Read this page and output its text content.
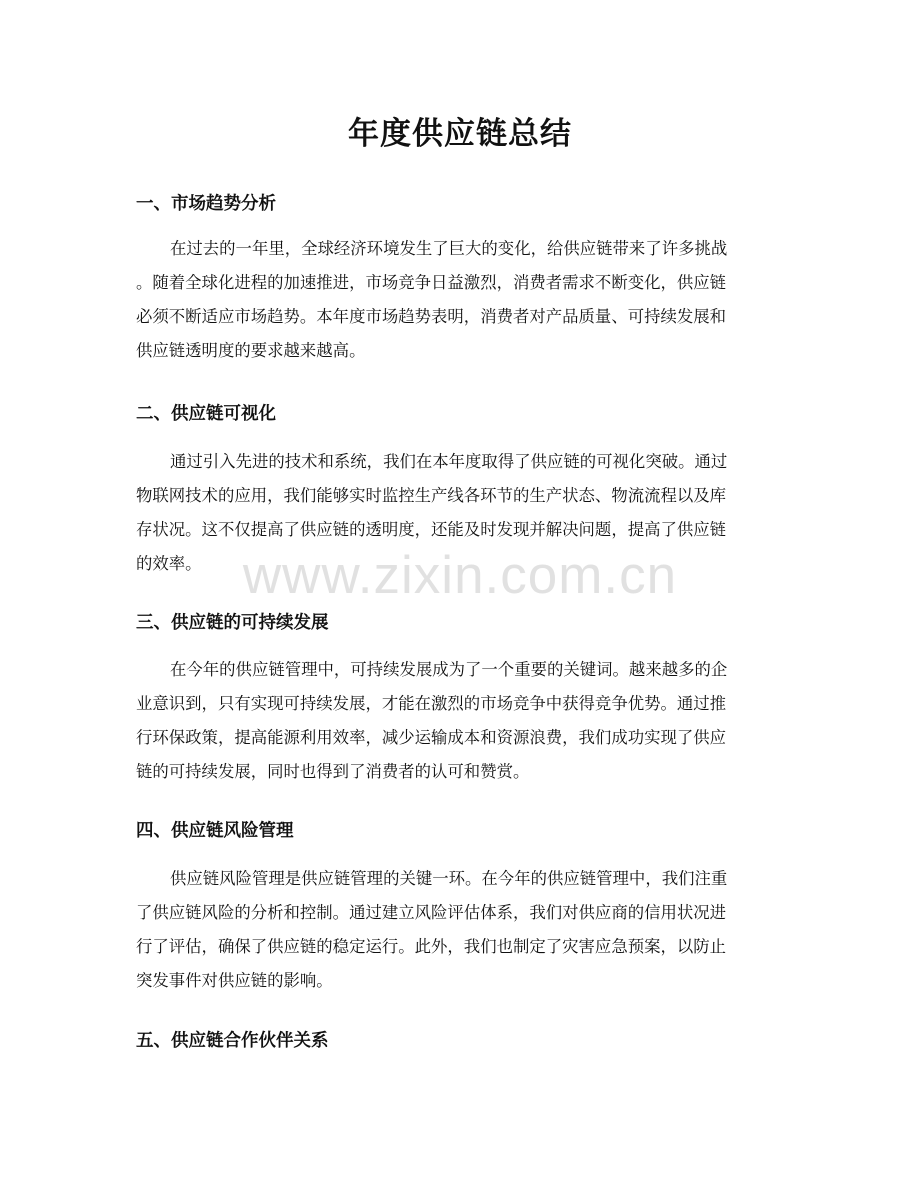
年度供应链总结
一、市场趋势分析
在过去的一年里，全球经济环境发生了巨大的变化，给供应链带来了许多挑战
。随着全球化进程的加速推进，市场竞争日益激烈，消费者需求不断变化，供应链
必须不断适应市场趋势。本年度市场趋势表明，消费者对产品质量、可持续发展和
供应链透明度的要求越来越高。
二、供应链可视化
通过引入先进的技术和系统，我们在本年度取得了供应链的可视化突破。通过
物联网技术的应用，我们能够实时监控生产线各环节的生产状态、物流流程以及库
存状况。这不仅提高了供应链的透明度，还能及时发现并解决问题，提高了供应链
的效率。
三、供应链的可持续发展
在今年的供应链管理中，可持续发展成为了一个重要的关键词。越来越多的企
业意识到，只有实现可持续发展，才能在激烈的市场竞争中获得竞争优势。通过推
行环保政策，提高能源利用效率，减少运输成本和资源浪费，我们成功实现了供应
链的可持续发展，同时也得到了消费者的认可和赞赏。
四、供应链风险管理
供应链风险管理是供应链管理的关键一环。在今年的供应链管理中，我们注重
了供应链风险的分析和控制。通过建立风险评估体系，我们对供应商的信用状况进
行了评估，确保了供应链的稳定运行。此外，我们也制定了灾害应急预案，以防止
突发事件对供应链的影响。
五、供应链合作伙伴关系
www.zixin.com.cn
